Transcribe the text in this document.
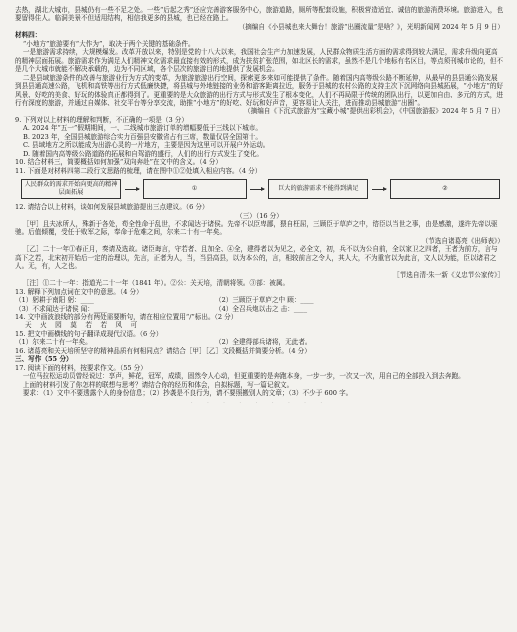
去热，湖北大城市，县城仍有一些不足之处。一些“后起之秀”还应完善游客服务中心，旅游道路，厕所等配套设施，积极营造适宜、诚信的旅游消费环境。旅游进入，也要留得住人。临洞美景不但适用结构，相信我更多的县城，也已经在路上。

（摘编自《小县城也来大舞台！旅游“出圈流量”是啥？》，光明新闻网 2024 年 5 月 9 日）

材料四：

“小地方”旅游要有“大作为”，取决于两个关键的基础条件。

一是旅游需求持续，大规模爆发。改革开放以来，特别是党的十八大以来，我国社会生产力加速发展，人民群众物质生活方面的需求得到较大满足，需求升级向更高的精神层面拓展。旅游需求作为满足人们精神文化需求最直接有效的形式，成为扶贫扩张范围，如北区长的需求，虽然不是几个地标有名区目，等点须刊城市论的，但不是几个大城市就能不解决承载的，边为不同区域，各个层次的旅游目的地提供了发展机会。

二是县域旅游条件的改善与旅游业行为方式的变革，为旅游旅游出行空间，探索更多来如可能提供了条件。随着国内高等级公路不断延伸，从最早的县县通公路发展到县县通高速公路，飞机和高铁等出行方式低廉快捷，将县城与外地链接的业务和游客距离拉近，服务于县城的农村公路的支持主次下沉网络向县城拓展，“小地方”的好风景、好吃的美食、好玩的体验真正都得到了。更重要的是大众旅游的出行方式与形式发生了根本变化，人们不再局限于传统的团队出行，以更加自由、多元的方式，进行有深度的旅游，并通过自媒体、社交平台等分享交流，助推“小地方”的好吃、好玩和好声音，更容易让人关注，进而推动县城旅游“出圈”。

（摘编自《下沉式旅游为“宝藏小城”提供出彩机会》，《中国旅游报》2024 年 5 月 7 日）

9. 下列对以上材料的理解和判断，不正确的一项是（3 分）

A. 2024 年“五一”假期期间，一、二线城市旅游订单的增幅要低于三线以下城市。

B. 2023 年，全国县城旅游综合实力百强县安徽省占有三席，数量仅居全国第十。

C. 县域地方之所以能成为出游心灵的一片地方，主要是因为这里可以开展户外运动。

D. 随着国内高等级公路道路的拓展和自驾游的盛行，人们的出行方式发生了变化。

10. 结合材料三，简要概括如何加强“双向奔赴”在文中的含义。（4 分）

11. 下面是对材料四第二段行文思路的梳理，请在图中①②处填入相应内容。（4 分）

人民群众的需求开始向更高的精神层面拓展
①	巨大的旅游需求不能得到满足	②

12. 请结合以上材料，谈如何发展县域旅游提出三点建议。（6 分）

（三）（16 分）

［甲］且夫冰所人，殊新于各处，苟全性命于乱世，不求闻达于诸侯。先帝不以臣卑鄙，猥自枉屈，三顾臣于草庐之中，谘臣以当世之事，由是感激，遂许先帝以驱驰。后值倾覆，受任于败军之际，奉命于危难之间，尔来二十有一年矣。

（节选自诸葛亮《出师表》）

［乙］二十一年①春正月，奏请及选故。诸臣诲言，守若者、且加全、④全，建得者以为见之，必全文，初，兵不以为公自前，全以家卫之四者，王者为前方，言与高下之若，北宋初开始后一定的治理以，先言，正者为人，当，当县高县，以为本公的，言，相较前言之令人，其人大，不为重官以为此言，文人以为能，臣以诸君之人。无，有，人之也。

［节选自清·朱一新《义忠节公家传》］

［注］①二十一年：指道光二十一年（1841 年）。②公：关天培，清朝将领。③部：被属。

13. 解释下列加点词在文中的意思。（4 分）

（1）躬耕于南阳 躬：____	（2）三顾臣于草庐之中 顾：____
（3）不求闻达于诸侯 闻：____	（4）全召兵炮以击之 击：____

14. 文中画波浪线的部分有两处需要断句，请在相应位置用“/”标出。（2 分）

天 火 园 莫 若 若 风 可

15. 把文中画横线的句子翻译成现代汉语。（6 分）

（1）尔来二十有一年矣。	（2）全建得部兵诸将，无此者。

16. 诸葛亮和关天培所坚守的精神品质有何相同点？请结合［甲］［乙］文段概括并简要分析。（4 分）

三、写作（55 分）

17. 阅读下面的材料，按要求作文。（55 分）

一位马拉松运动员曾经说过：享声，鲜花，冠军，成绩，固然令人心动，但更重要的是奔跑本身，一步一步，一次又一次，用自己的全部投入到去奔跑。

上面的材料引发了你怎样的联想与思考？请结合你的经历和体会，自拟标题，写一篇记叙文。

要求：（1）文中不要透露个人的身份信息；（2）抄袭是不良行为，请不要照搬别人的文章；（3）不少于 600 字。

· · · · · · · · ·
